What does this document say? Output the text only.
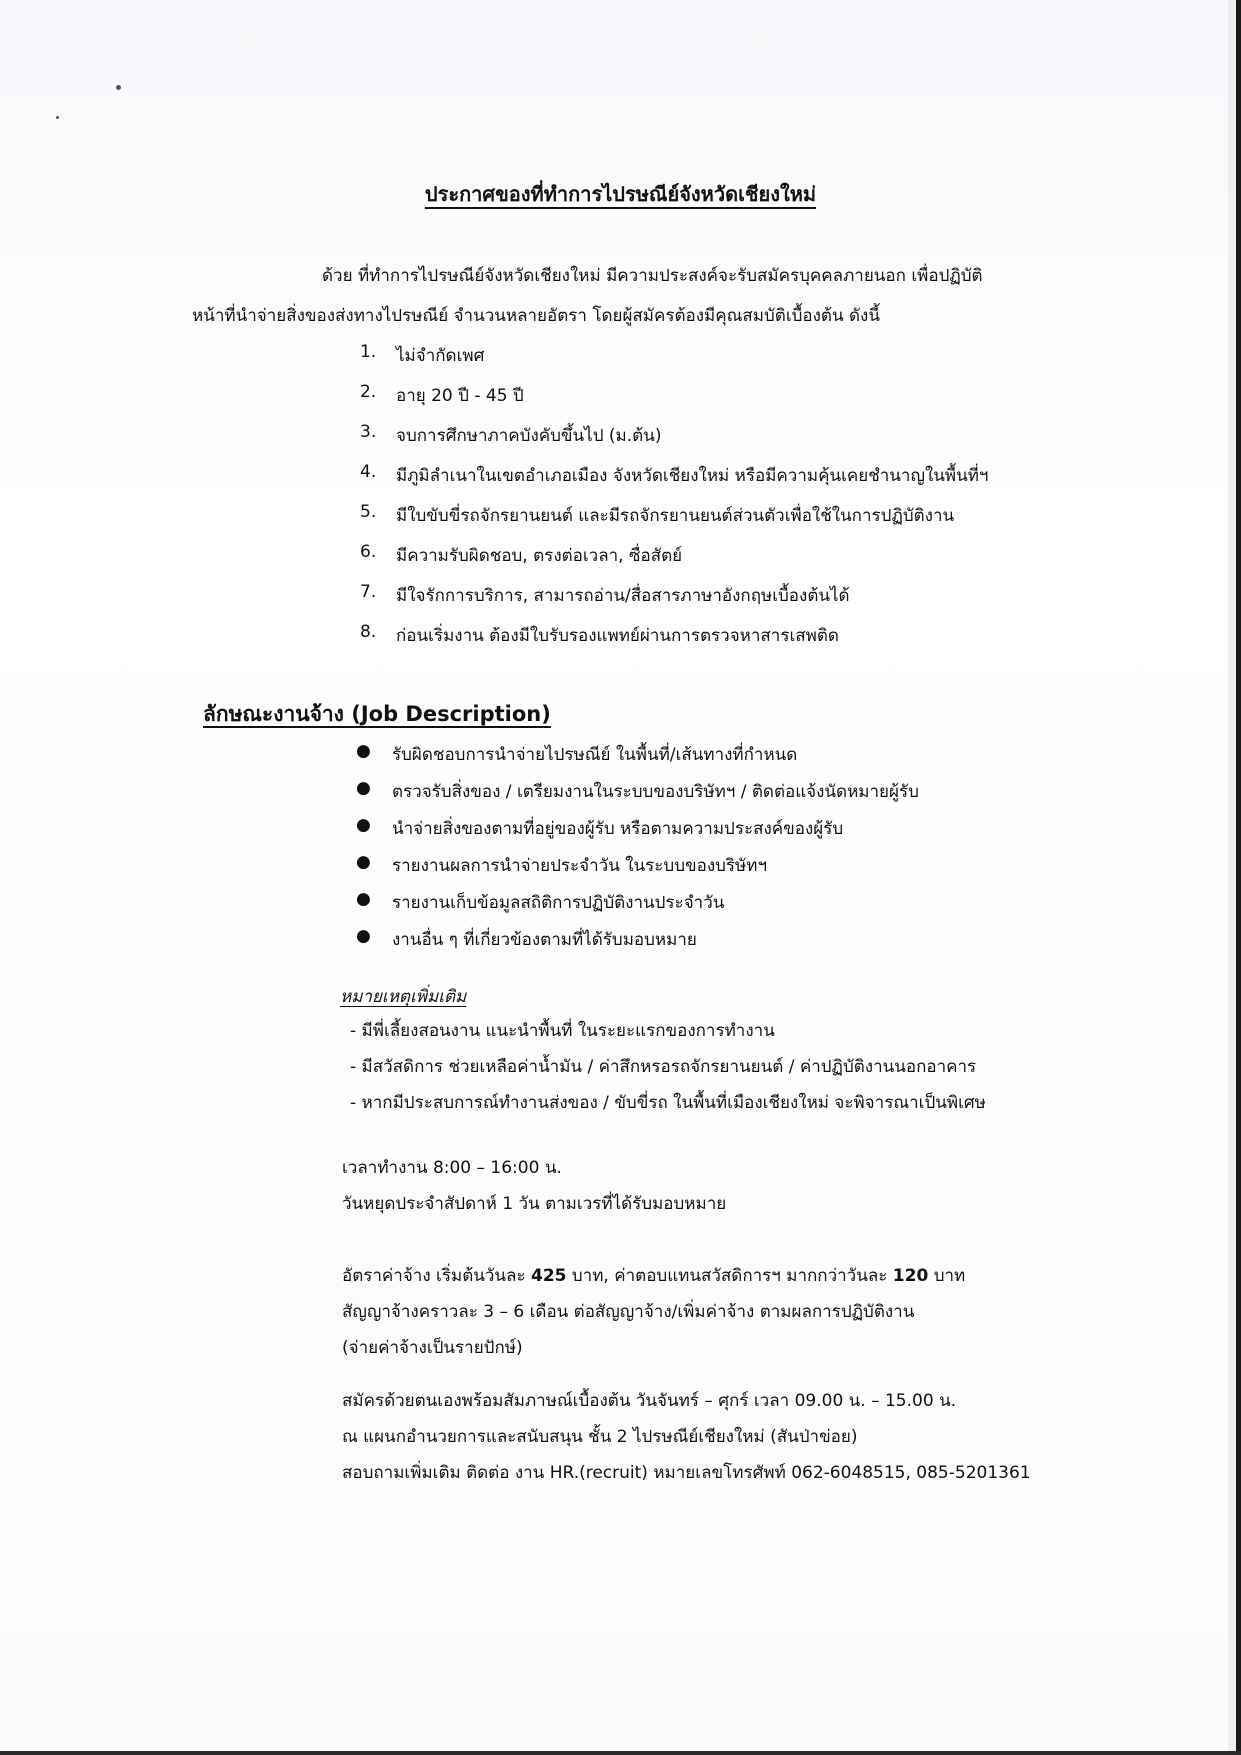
ประกาศของที่ทำการไปรษณีย์จังหวัดเชียงใหม่
ด้วย ที่ทำการไปรษณีย์จังหวัดเชียงใหม่ มีความประสงค์จะรับสมัครบุคคลภายนอก เพื่อปฏิบัติ
หน้าที่นำจ่ายสิ่งของส่งทางไปรษณีย์ จำนวนหลายอัตรา โดยผู้สมัครต้องมีคุณสมบัติเบื้องต้น ดังนี้
1.	ไม่จำกัดเพศ
2.	อายุ 20 ปี - 45 ปี
3.	จบการศึกษาภาคบังคับขึ้นไป (ม.ต้น)
4.	มีภูมิลำเนาในเขตอำเภอเมือง จังหวัดเชียงใหม่ หรือมีความคุ้นเคยชำนาญในพื้นที่ฯ
5.	มีใบขับขี่รถจักรยานยนต์ และมีรถจักรยานยนต์ส่วนตัวเพื่อใช้ในการปฏิบัติงาน
6.	มีความรับผิดชอบ, ตรงต่อเวลา, ซื่อสัตย์
7.	มีใจรักการบริการ, สามารถอ่าน/สื่อสารภาษาอังกฤษเบื้องต้นได้
8.	ก่อนเริ่มงาน ต้องมีใบรับรองแพทย์ผ่านการตรวจหาสารเสพติด
ลักษณะงานจ้าง (Job Description)
●	รับผิดชอบการนำจ่ายไปรษณีย์ ในพื้นที่/เส้นทางที่กำหนด
●	ตรวจรับสิ่งของ / เตรียมงานในระบบของบริษัทฯ / ติดต่อแจ้งนัดหมายผู้รับ
●	นำจ่ายสิ่งของตามที่อยู่ของผู้รับ หรือตามความประสงค์ของผู้รับ
●	รายงานผลการนำจ่ายประจำวัน ในระบบของบริษัทฯ
●	รายงานเก็บข้อมูลสถิติการปฏิบัติงานประจำวัน
●	งานอื่น ๆ ที่เกี่ยวข้องตามที่ได้รับมอบหมาย
หมายเหตุเพิ่มเติม
- มีพี่เลี้ยงสอนงาน แนะนำพื้นที่ ในระยะแรกของการทำงาน
- มีสวัสดิการ ช่วยเหลือค่าน้ำมัน / ค่าสึกหรอรถจักรยานยนต์ / ค่าปฏิบัติงานนอกอาคาร
- หากมีประสบการณ์ทำงานส่งของ / ขับขี่รถ ในพื้นที่เมืองเชียงใหม่ จะพิจารณาเป็นพิเศษ
เวลาทำงาน 8:00 – 16:00 น.
วันหยุดประจำสัปดาห์ 1 วัน ตามเวรที่ได้รับมอบหมาย
อัตราค่าจ้าง เริ่มต้นวันละ 425 บาท, ค่าตอบแทนสวัสดิการฯ มากกว่าวันละ 120 บาท
สัญญาจ้างคราวละ 3 – 6 เดือน ต่อสัญญาจ้าง/เพิ่มค่าจ้าง ตามผลการปฏิบัติงาน
(จ่ายค่าจ้างเป็นรายปักษ์)
สมัครด้วยตนเองพร้อมสัมภาษณ์เบื้องต้น วันจันทร์ – ศุกร์ เวลา 09.00 น. – 15.00 น.
ณ แผนกอำนวยการและสนับสนุน ชั้น 2 ไปรษณีย์เชียงใหม่ (สันป่าข่อย)
สอบถามเพิ่มเติม ติดต่อ งาน HR.(recruit) หมายเลขโทรศัพท์ 062-6048515, 085-5201361
